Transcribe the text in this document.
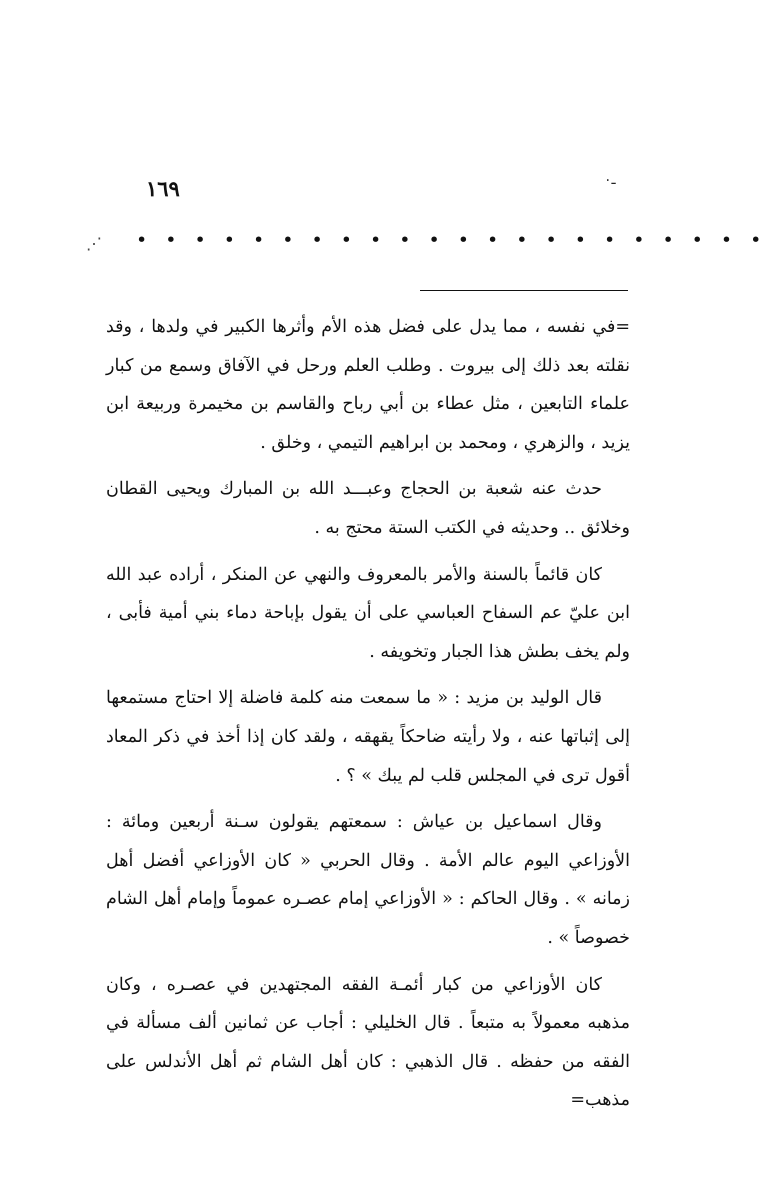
١٦٩	ـ٠
⋰ • • • • • • • • • • • • • • • • • • • • • •

=في نفسه ، مما يدل على فضل هذه الأم وأثرها الكبير في ولدها ، وقد نقلته بعد ذلك إلى بيروت . وطلب العلم ورحل في الآفاق وسمع من كبار علماء التابعين ، مثل عطاء بن أبي رباح والقاسم بن مخيمرة وربيعة ابن يزيد ، والزهري ، ومحمد بن ابراهيم التيمي ، وخلق .

حدث عنه شعبة بن الحجاج وعبـــد الله بن المبارك ويحيى القطان وخلائق .. وحديثه في الكتب الستة محتج به .

كان قائماً بالسنة والأمر بالمعروف والنهي عن المنكر ، أراده عبد الله ابن عليّ عم السفاح العباسي على أن يقول بإباحة دماء بني أمية فأبى ، ولم يخف بطش هذا الجبار وتخويفه .

قال الوليد بن مزيد : « ما سمعت منه كلمة فاضلة إلا احتاج مستمعها إلى إثباتها عنه ، ولا رأيته ضاحكاً يقهقه ، ولقد كان إذا أخذ في ذكر المعاد أقول ترى في المجلس قلب لم يبك » ؟ .

وقال اسماعيل بن عياش : سمعتهم يقولون سـنة أربعين ومائة : الأوزاعي اليوم عالم الأمة . وقال الحربي « كان الأوزاعي أفضل أهل زمانه » . وقال الحاكم : « الأوزاعي إمام عصـره عموماً وإمام أهل الشام خصوصاً » .

كان الأوزاعي من كبار أئمـة الفقه المجتهدين في عصـره ، وكان مذهبه معمولاً به متبعاً . قال الخليلي : أجاب عن ثمانين ألف مسألة في الفقه من حفظه . قال الذهبي : كان أهل الشام ثم أهل الأندلس على مذهب=
